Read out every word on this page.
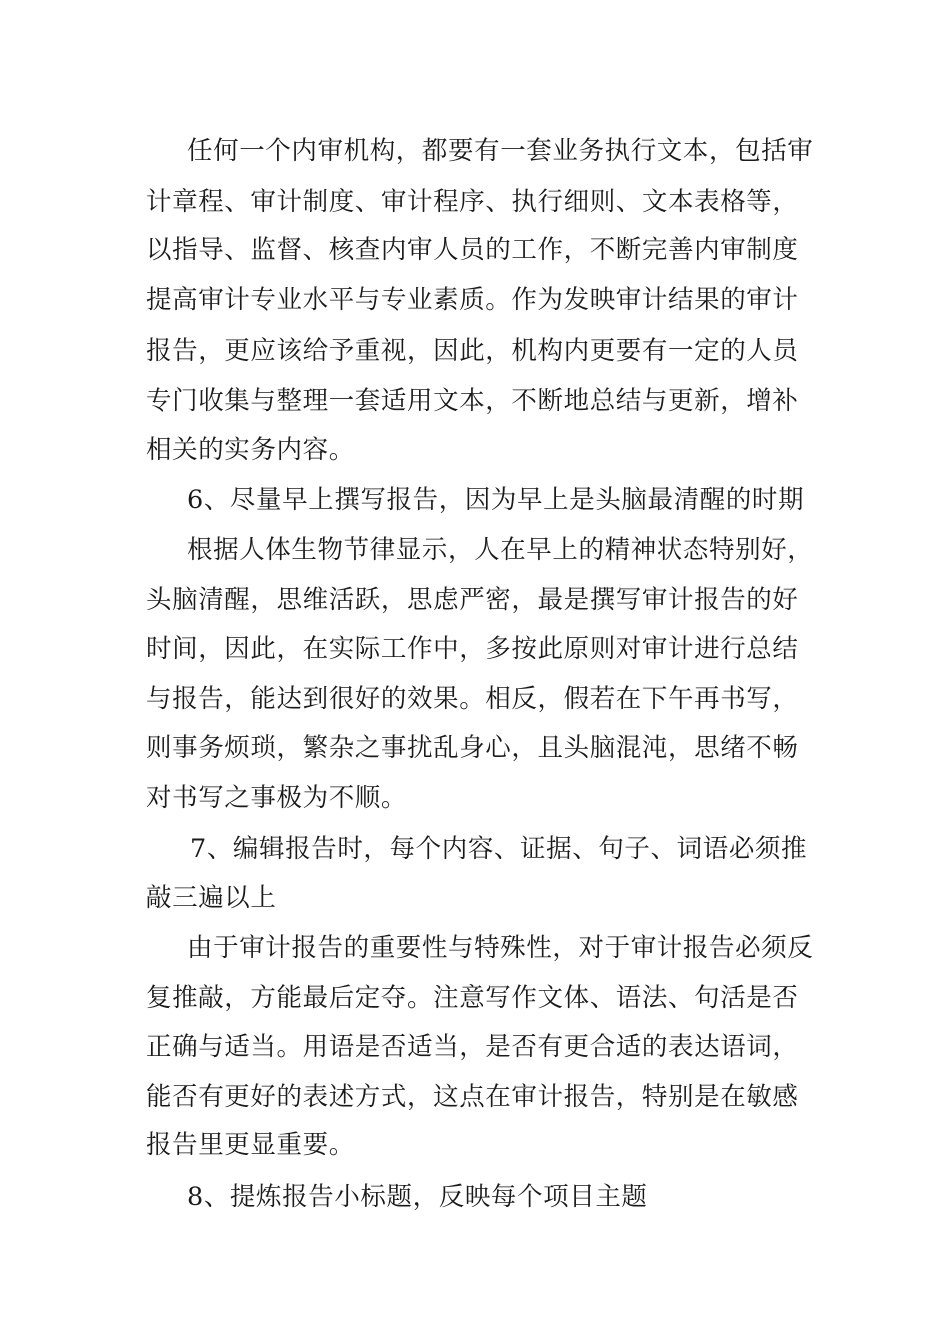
任何一个内审机构，都要有一套业务执行文本，包括审
计章程、审计制度、审计程序、执行细则、文本表格等，
以指导、监督、核查内审人员的工作，不断完善内审制度
提高审计专业水平与专业素质。作为发映审计结果的审计
报告，更应该给予重视，因此，机构内更要有一定的人员
专门收集与整理一套适用文本，不断地总结与更新，增补
相关的实务内容。
6、尽量早上撰写报告，因为早上是头脑最清醒的时期
根据人体生物节律显示，人在早上的精神状态特别好，
头脑清醒，思维活跃，思虑严密，最是撰写审计报告的好
时间，因此，在实际工作中，多按此原则对审计进行总结
与报告，能达到很好的效果。相反，假若在下午再书写，
则事务烦琐，繁杂之事扰乱身心，且头脑混沌，思绪不畅
对书写之事极为不顺。
7、编辑报告时，每个内容、证据、句子、词语必须推
敲三遍以上
由于审计报告的重要性与特殊性，对于审计报告必须反
复推敲，方能最后定夺。注意写作文体、语法、句活是否
正确与适当。用语是否适当，是否有更合适的表达语词，
能否有更好的表述方式，这点在审计报告，特别是在敏感
报告里更显重要。
8、提炼报告小标题，反映每个项目主题
